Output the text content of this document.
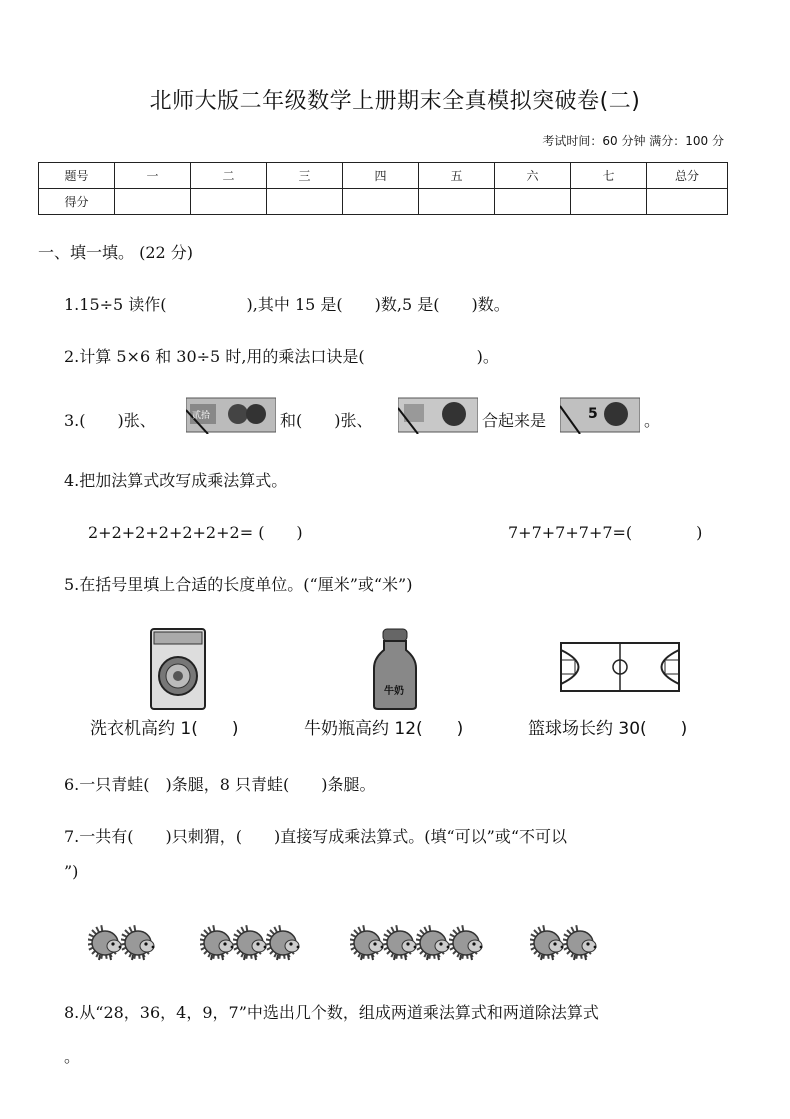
北师大版二年级数学上册期末全真模拟突破卷(二)
考试时间：60 分钟 满分：100 分
题号	一	二	三	四	五	六	七	总分
得分								
一、填一填。 (22 分)
1.15÷5 读作(　　　　　),其中 15 是(　　)数,5 是(　　)数。
2.计算 5×6 和 30÷5 时,用的乘法口诀是(　　　　　　　)。
3.(　　)张、	贰拾	和(　　)张、	合起来是	5	。
4.把加法算式改写成乘法算式。
2+2+2+2+2+2+2= (　　)	7+7+7+7+7=(　　　　)
5.在括号里填上合适的长度单位。(“厘米”或“米”)
牛奶
洗衣机高约 1(　　)	牛奶瓶高约 12(　　)	篮球场长约 30(　　)
6.一只青蛙(　)条腿，8 只青蛙(　　)条腿。
7.一共有(　　)只刺猬，(　　)直接写成乘法算式。(填“可以”或“不可以
”)
8.从“28，36，4，9，7”中选出几个数，组成两道乘法算式和两道除法算式
。
